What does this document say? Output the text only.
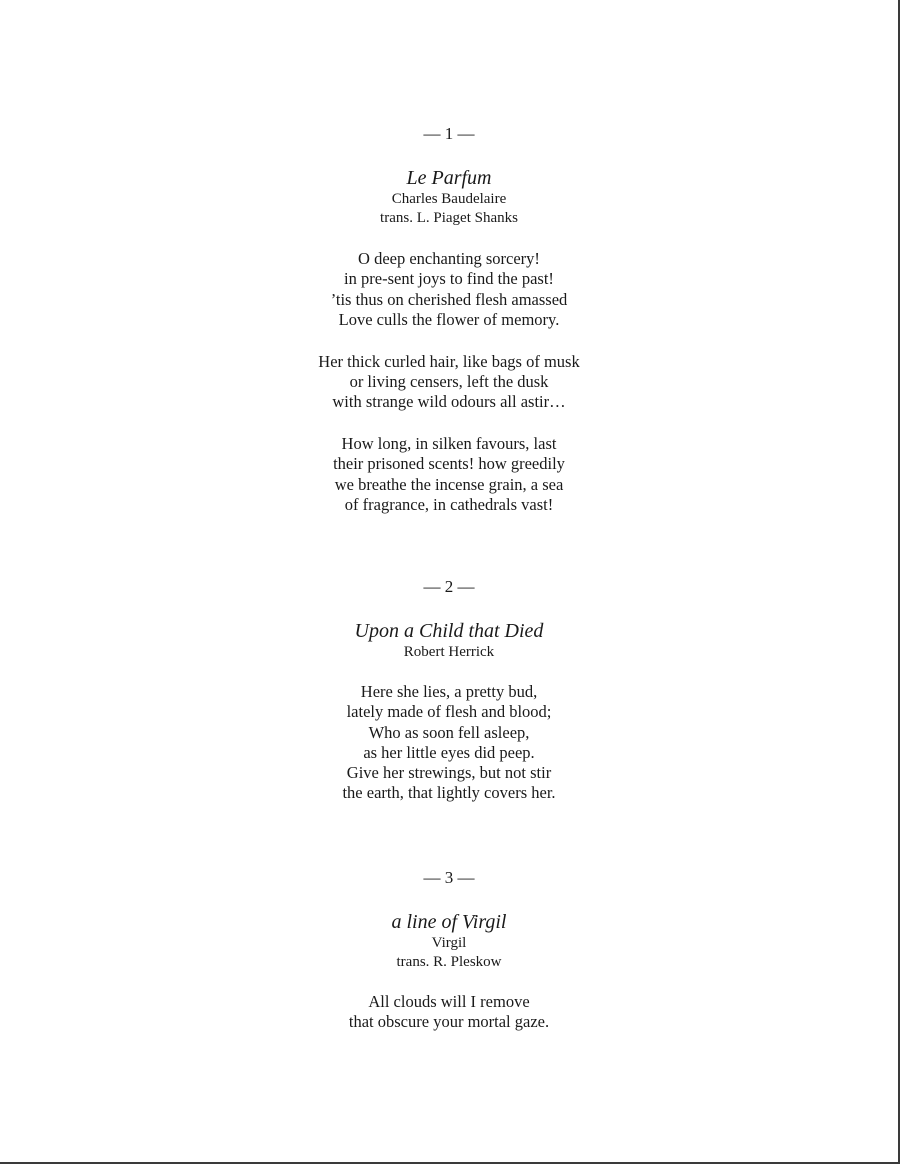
— 1 —
Le Parfum
Charles Baudelaire
trans. L. Piaget Shanks
O deep enchanting sorcery!
in pre-sent joys to find the past!
’tis thus on cherished flesh amassed
Love culls the flower of memory.
Her thick curled hair, like bags of musk
or living censers, left the dusk
with strange wild odours all astir…
How long, in silken favours, last
their prisoned scents! how greedily
we breathe the incense grain, a sea
of fragrance, in cathedrals vast!
— 2 —
Upon a Child that Died
Robert Herrick
Here she lies, a pretty bud,
lately made of flesh and blood;
Who as soon fell asleep,
as her little eyes did peep.
Give her strewings, but not stir
the earth, that lightly covers her.
— 3 —
a line of Virgil
Virgil
trans. R. Pleskow
All clouds will I remove
that obscure your mortal gaze.
